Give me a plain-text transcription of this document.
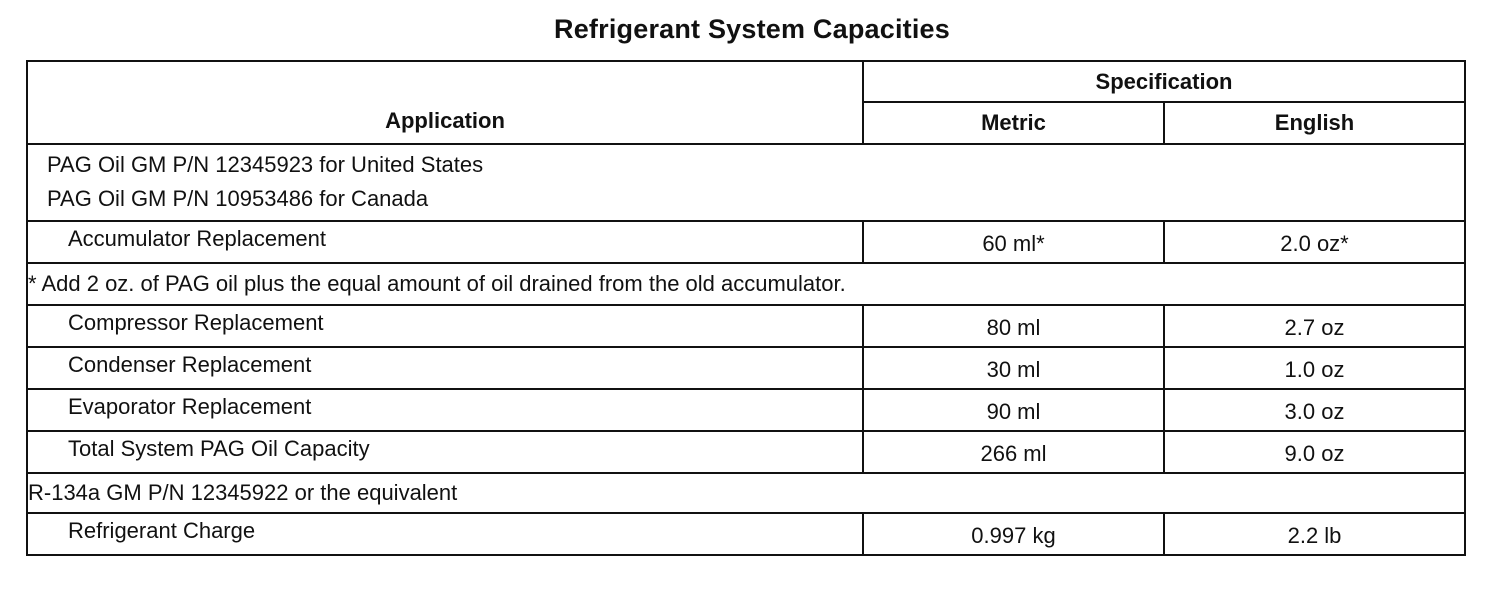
Refrigerant System Capacities
Application	Specification	
	Metric	English

PAG Oil GM P/N 12345923 for United States
PAG Oil GM P/N 10953486 for Canada		

Accumulator Replacement	60 ml*	2.0 oz*
* Add 2 oz. of PAG oil plus the equal amount of oil drained from the old accumulator.		
Compressor Replacement	80 ml	2.7 oz
Condenser Replacement	30 ml	1.0 oz
Evaporator Replacement	90 ml	3.0 oz
Total System PAG Oil Capacity	266 ml	9.0 oz
R-134a GM P/N 12345922 or the equivalent		
Refrigerant Charge	0.997 kg	2.2 lb
